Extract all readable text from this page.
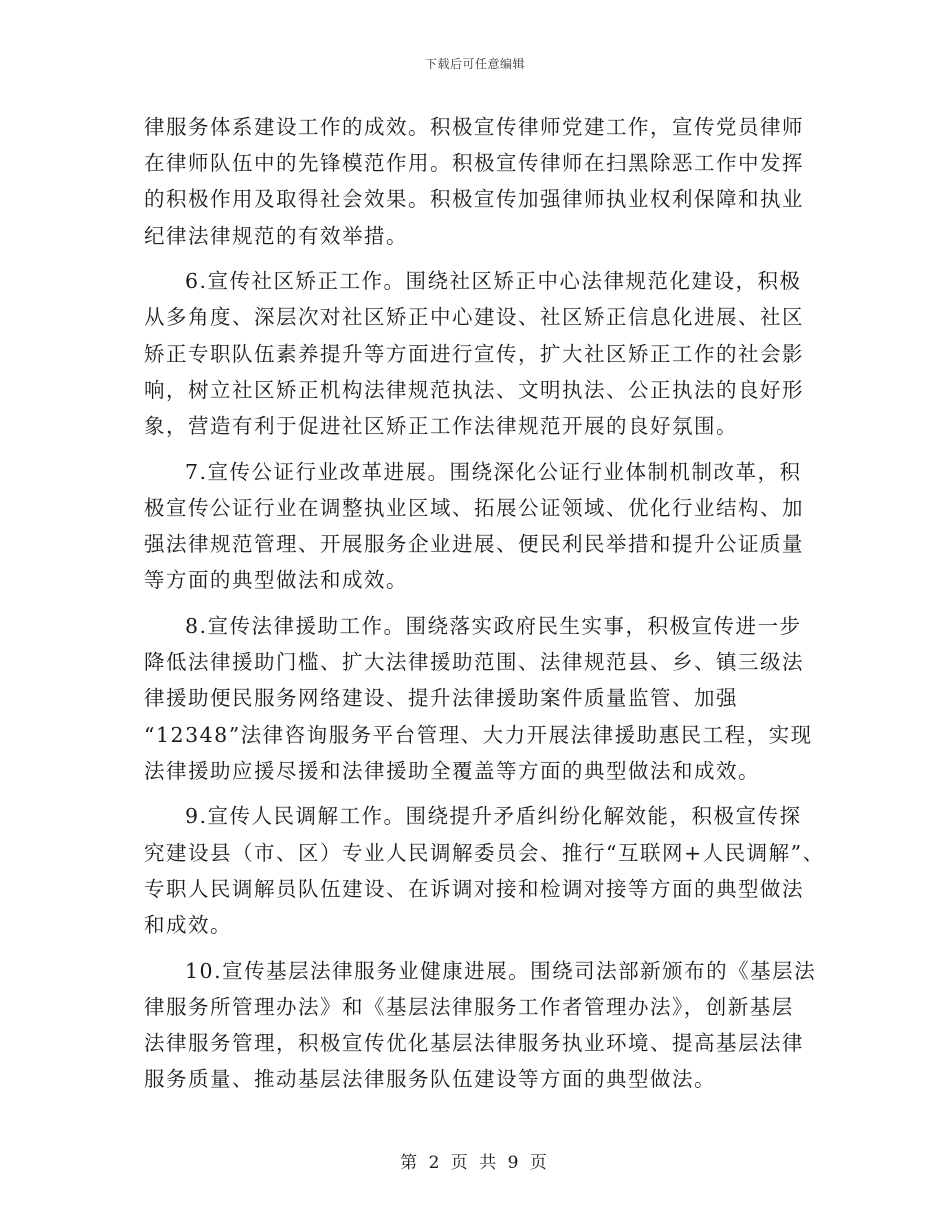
下载后可任意编辑
律服务体系建设工作的成效。积极宣传律师党建工作，宣传党员律师
在律师队伍中的先锋模范作用。积极宣传律师在扫黑除恶工作中发挥
的积极作用及取得社会效果。积极宣传加强律师执业权利保障和执业
纪律法律规范的有效举措。
6.宣传社区矫正工作。围绕社区矫正中心法律规范化建设，积极
从多角度、深层次对社区矫正中心建设、社区矫正信息化进展、社区
矫正专职队伍素养提升等方面进行宣传，扩大社区矫正工作的社会影
响，树立社区矫正机构法律规范执法、文明执法、公正执法的良好形
象，营造有利于促进社区矫正工作法律规范开展的良好氛围。
7.宣传公证行业改革进展。围绕深化公证行业体制机制改革，积
极宣传公证行业在调整执业区域、拓展公证领域、优化行业结构、加
强法律规范管理、开展服务企业进展、便民利民举措和提升公证质量
等方面的典型做法和成效。
8.宣传法律援助工作。围绕落实政府民生实事，积极宣传进一步
降低法律援助门槛、扩大法律援助范围、法律规范县、乡、镇三级法
律援助便民服务网络建设、提升法律援助案件质量监管、加强
“12348”法律咨询服务平台管理、大力开展法律援助惠民工程，实现
法律援助应援尽援和法律援助全覆盖等方面的典型做法和成效。
9.宣传人民调解工作。围绕提升矛盾纠纷化解效能，积极宣传探
究建设县（市、区）专业人民调解委员会、推行“互联网+人民调解”、
专职人民调解员队伍建设、在诉调对接和检调对接等方面的典型做法
和成效。
10.宣传基层法律服务业健康进展。围绕司法部新颁布的《基层法
律服务所管理办法》和《基层法律服务工作者管理办法》，创新基层
法律服务管理，积极宣传优化基层法律服务执业环境、提高基层法律
服务质量、推动基层法律服务队伍建设等方面的典型做法。
第 2 页 共 9 页
